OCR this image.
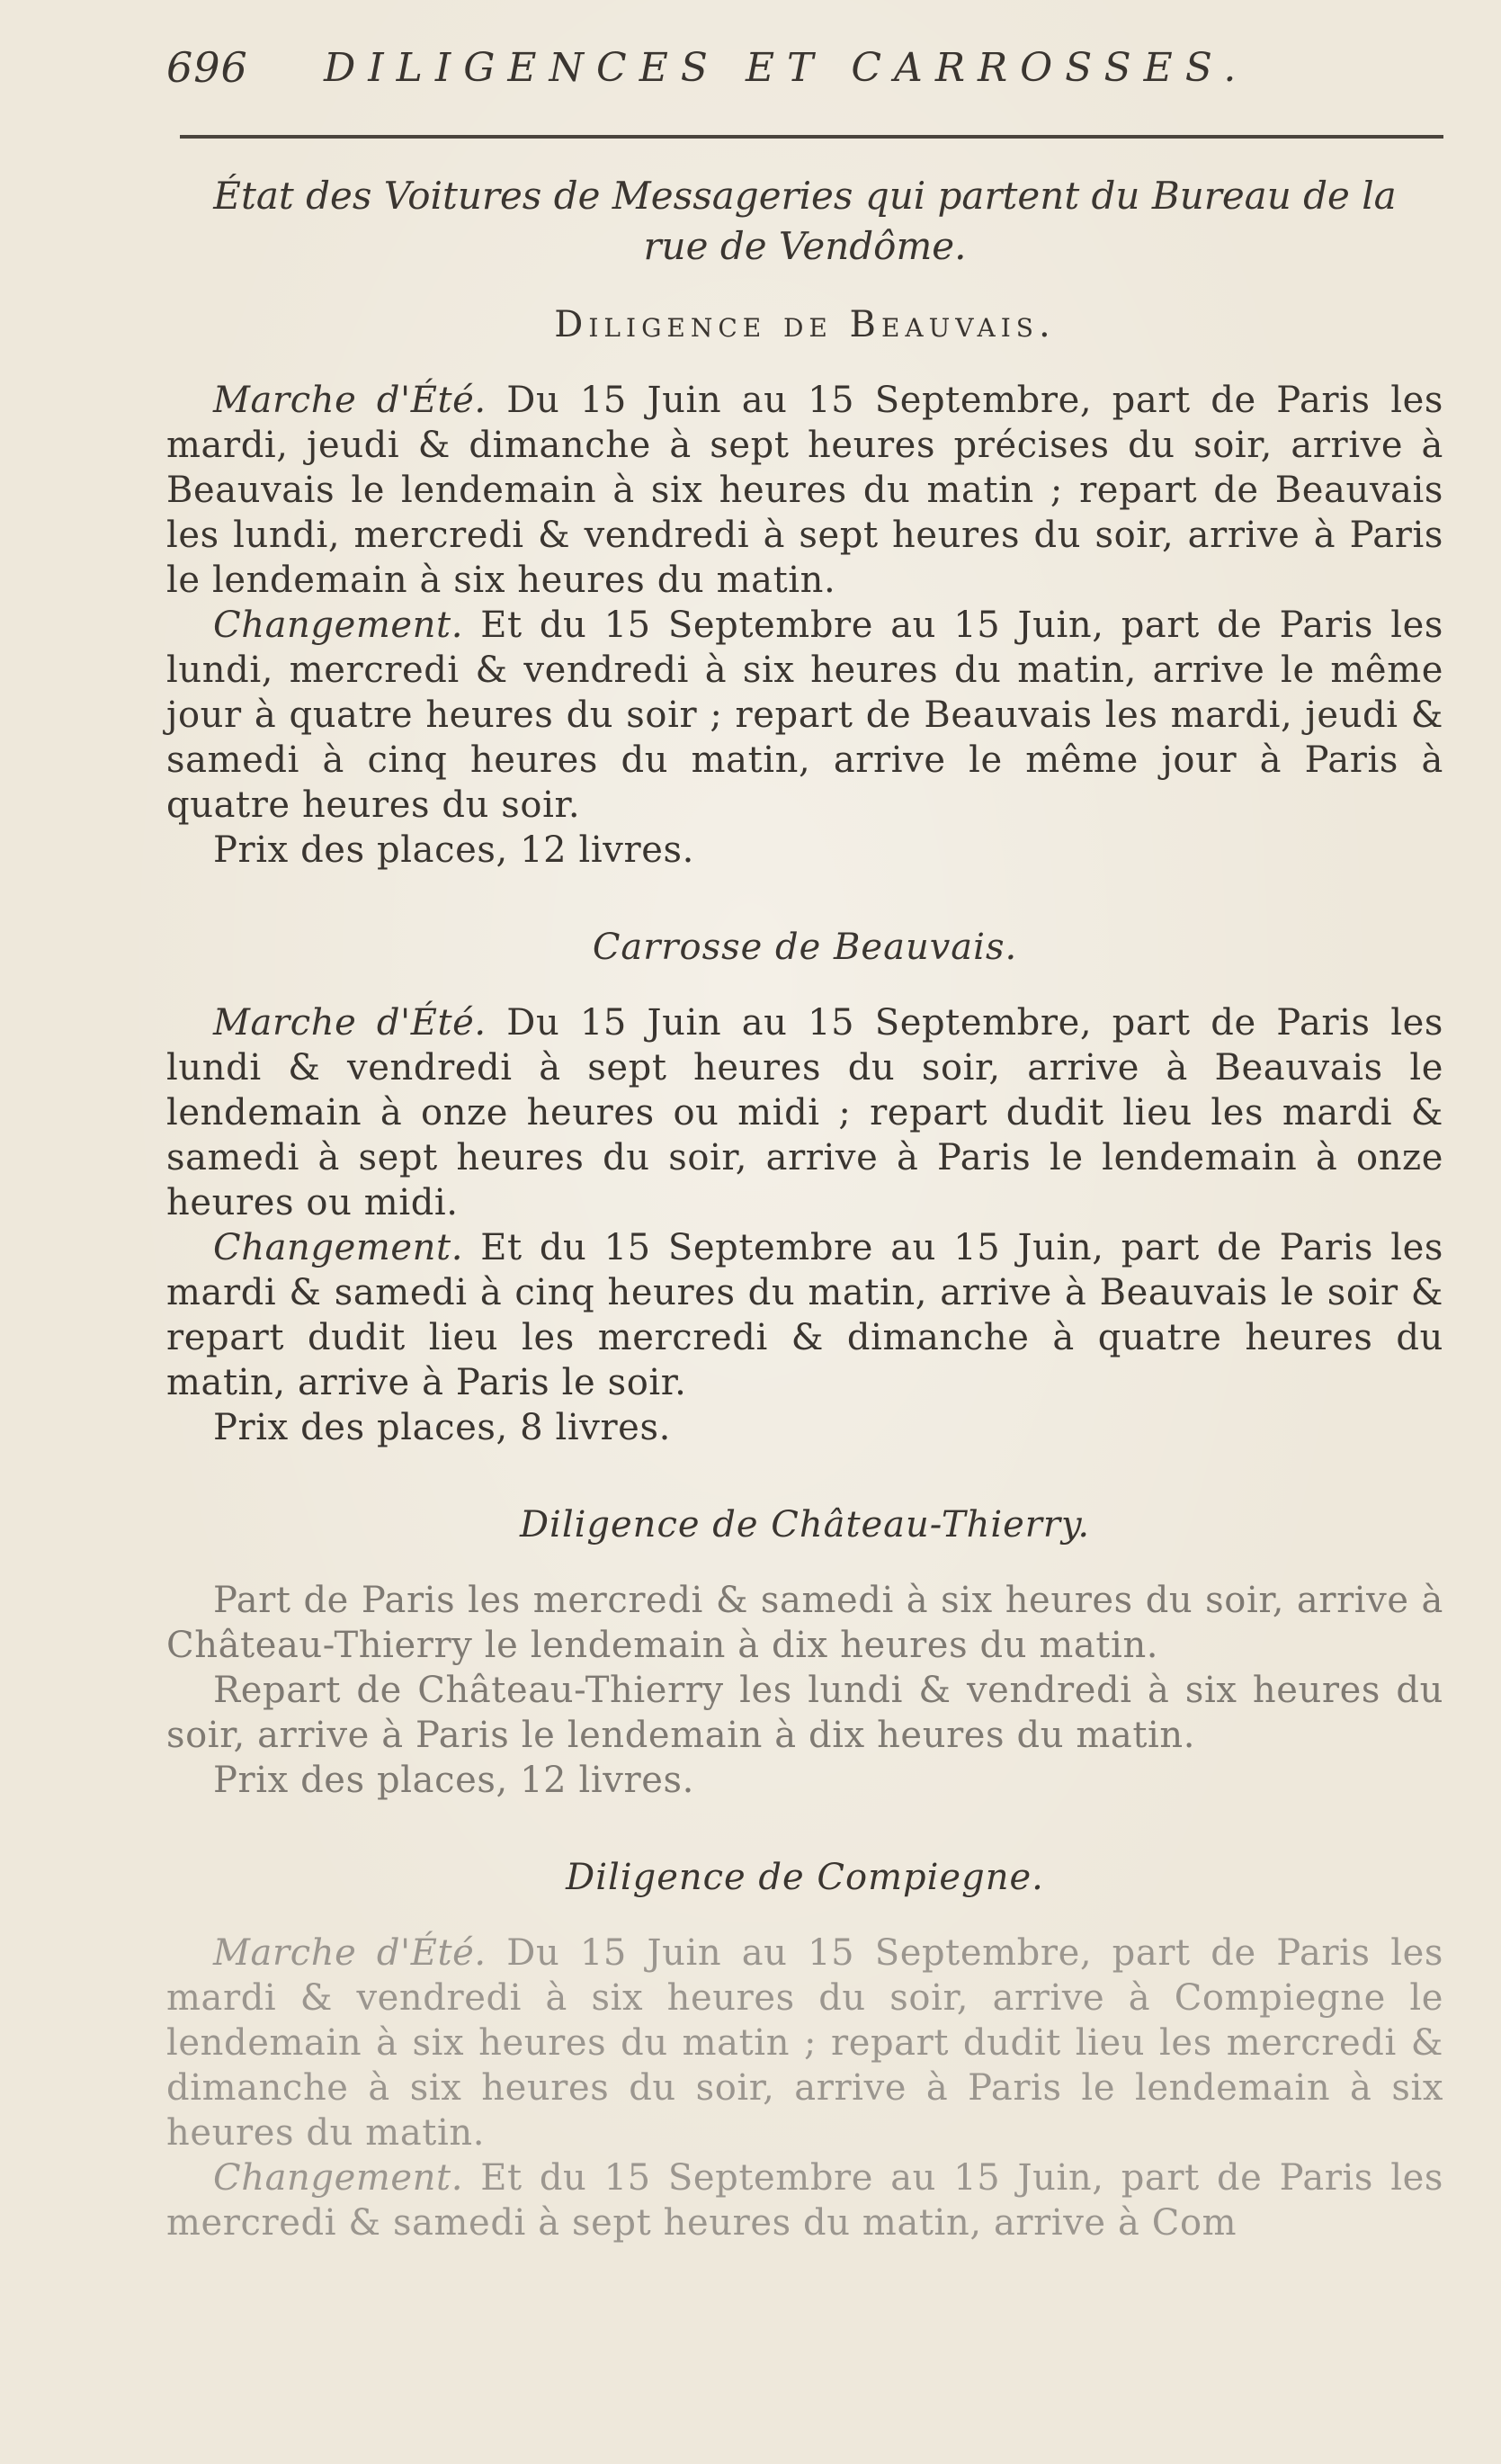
696 DILIGENCES ET CARROSSES.
État des Voitures de Messageries qui partent du Bureau de la rue de Vendôme.
Diligence de Beauvais.

Marche d'Été. Du 15 Juin au 15 Septembre, part de Paris les mardi, jeudi & dimanche à sept heures précises du soir, arrive à Beauvais le lendemain à six heures du matin ; repart de Beauvais les lundi, mercredi & vendredi à sept heures du soir, arrive à Paris le lendemain à six heures du matin.

Changement. Et du 15 Septembre au 15 Juin, part de Paris les lundi, mercredi & vendredi à six heures du matin, arrive le même jour à quatre heures du soir ; repart de Beauvais les mardi, jeudi & samedi à cinq heures du matin, arrive le même jour à Paris à quatre heures du soir.

Prix des places, 12 livres.

Carrosse de Beauvais.

Marche d'Été. Du 15 Juin au 15 Septembre, part de Paris les lundi & vendredi à sept heures du soir, arrive à Beauvais le lendemain à onze heures ou midi ; repart dudit lieu les mardi & samedi à sept heures du soir, arrive à Paris le lendemain à onze heures ou midi.

Changement. Et du 15 Septembre au 15 Juin, part de Paris les mardi & samedi à cinq heures du matin, arrive à Beauvais le soir & repart dudit lieu les mercredi & dimanche à quatre heures du matin, arrive à Paris le soir.

Prix des places, 8 livres.

Diligence de Château-Thierry.

Part de Paris les mercredi & samedi à six heures du soir, arrive à Château-Thierry le lendemain à dix heures du matin.

Repart de Château-Thierry les lundi & vendredi à six heures du soir, arrive à Paris le lendemain à dix heures du matin.

Prix des places, 12 livres.

Diligence de Compiegne.

Marche d'Été. Du 15 Juin au 15 Septembre, part de Paris les mardi & vendredi à six heures du soir, arrive à Compiegne le lendemain à six heures du matin ; repart dudit lieu les mercredi & dimanche à six heures du soir, arrive à Paris le lendemain à six heures du matin.

Changement. Et du 15 Septembre au 15 Juin, part de Paris les mercredi & samedi à sept heures du matin, arrive à Com
